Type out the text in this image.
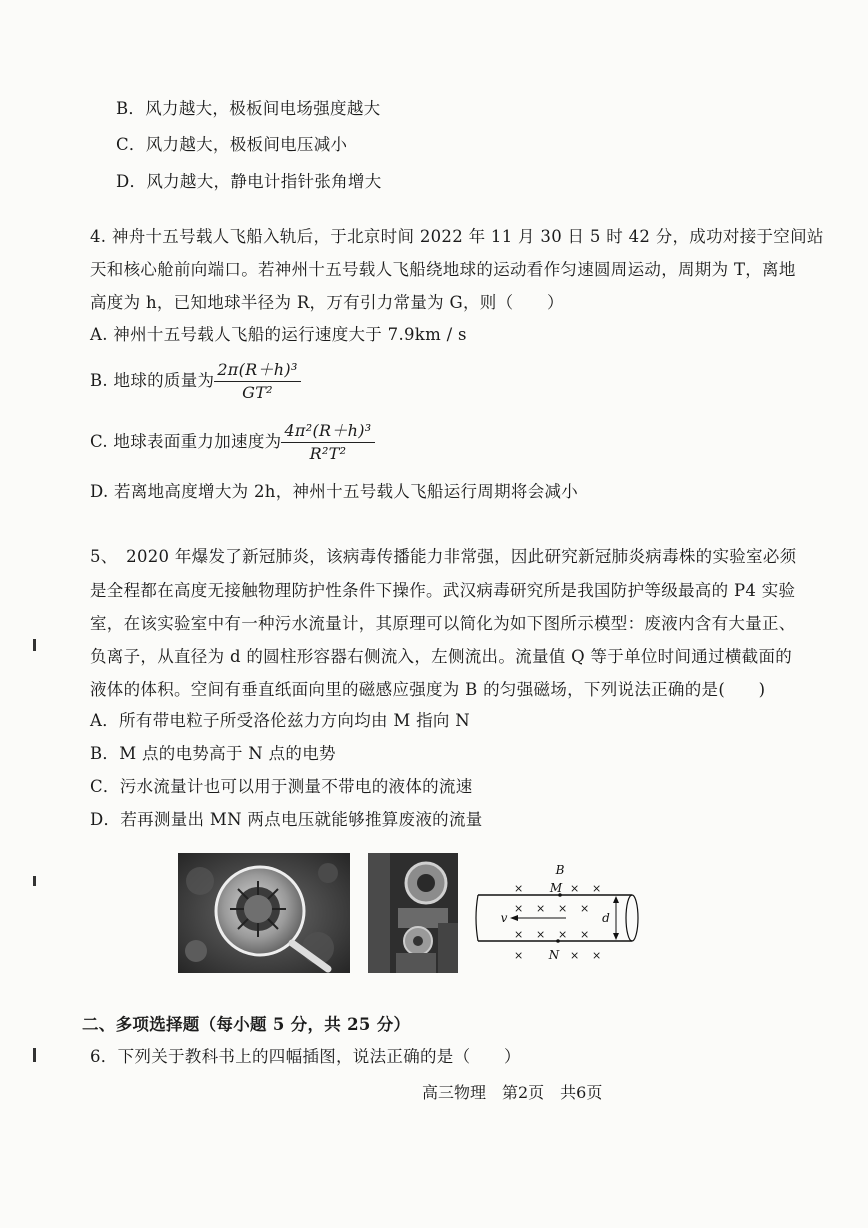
B．风力越大，极板间电场强度越大
C．风力越大，极板间电压减小
D．风力越大，静电计指针张角增大
4. 神舟十五号载人飞船入轨后，于北京时间 2022 年 11 月 30 日 5 时 42 分，成功对接于空间站
天和核心舱前向端口。若神州十五号载人飞船绕地球的运动看作匀速圆周运动，周期为 T，离地
高度为 h，已知地球半径为 R，万有引力常量为 G，则（　　）
A. 神州十五号载人飞船的运行速度大于 7.9km / s
B. 地球的质量为 $\frac{\text{2π(R＋h)³}}{\text{GT²}}$
C. 地球表面重力加速度为 $\frac{\text{4π²(R＋h)³}}{\text{R²T²}}$
D. 若离地高度增大为 2h，神州十五号载人飞船运行周期将会减小
5、　2020 年爆发了新冠肺炎，该病毒传播能力非常强，因此研究新冠肺炎病毒株的实验室必须
是全程都在高度无接触物理防护性条件下操作。武汉病毒研究所是我国防护等级最高的 P4 实验
室，在该实验室中有一种污水流量计，其原理可以简化为如下图所示模型：废液内含有大量正、
负离子，从直径为 d 的圆柱形容器右侧流入，左侧流出。流量值 Q 等于单位时间通过横截面的
液体的体积。空间有垂直纸面向里的磁感应强度为 B 的匀强磁场，下列说法正确的是(　　)
A．所有带电粒子所受洛伦兹力方向均由 M 指向 N
B．M 点的电势高于 N 点的电势
C．污水流量计也可以用于测量不带电的液体的流速
D．若再测量出 MN 两点电压就能够推算废液的流量
×	× ×
× × × ×
× × × ×
×	× ×
B
M
N
v	d
二、多项选择题（每小题 5 分，共 25 分）
6．下列关于教科书上的四幅插图，说法正确的是（　　）
高三物理　第2页　共6页
